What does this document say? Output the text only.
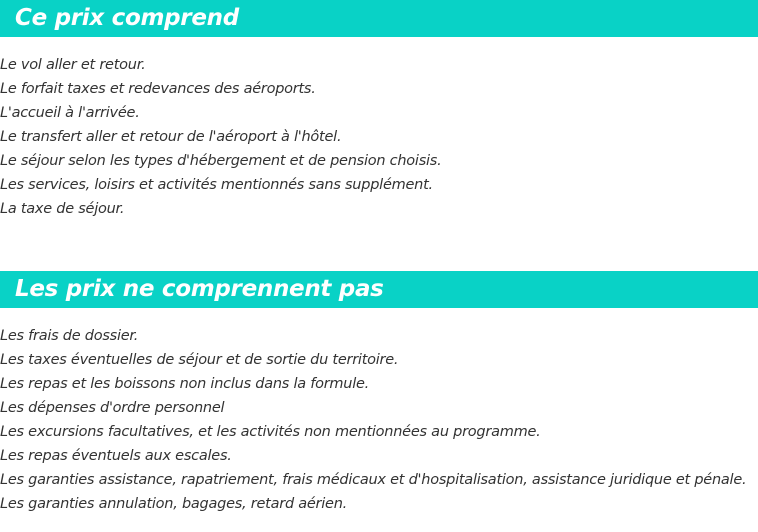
Ce prix comprend
Le vol aller et retour.
Le forfait taxes et redevances des aéroports.
L'accueil à l'arrivée.
Le transfert aller et retour de l'aéroport à l'hôtel.
Le séjour selon les types d'hébergement et de pension choisis.
Les services, loisirs et activités mentionnés sans supplément.
La taxe de séjour.
Les prix ne comprennent pas
Les frais de dossier.
Les taxes éventuelles de séjour et de sortie du territoire.
Les repas et les boissons non inclus dans la formule.
Les dépenses d'ordre personnel
Les excursions facultatives, et les activités non mentionnées au programme.
Les repas éventuels aux escales.
Les garanties assistance, rapatriement, frais médicaux et d'hospitalisation, assistance juridique et pénale.
Les garanties annulation, bagages, retard aérien.
